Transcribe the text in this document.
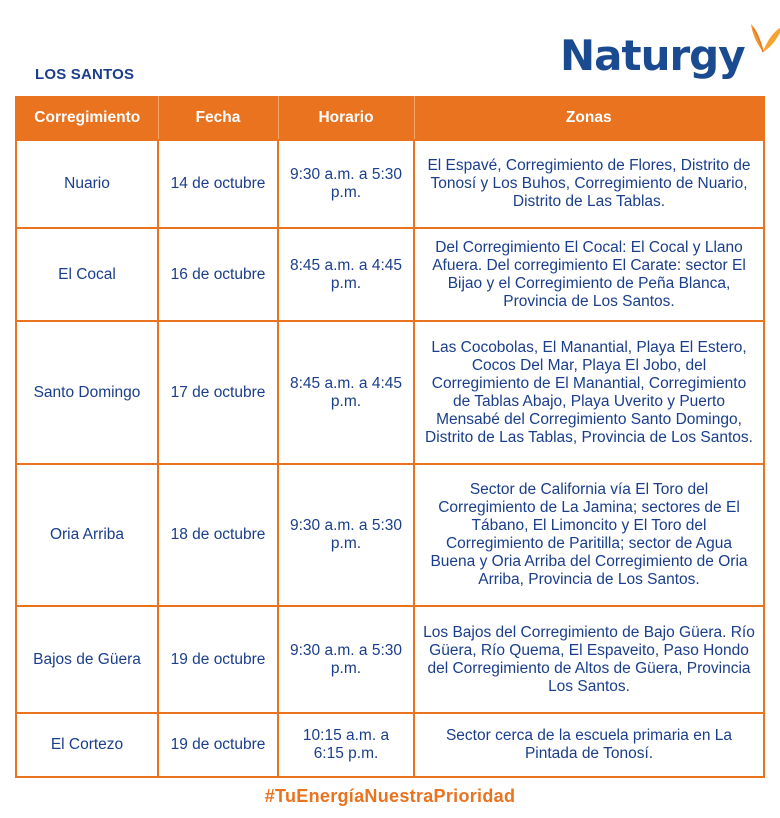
LOS SANTOS	Naturgy
Corregimiento	Fecha	Horario	Zonas
Nuario	14 de octubre	9:30 a.m. a 5:30 p.m.	El Espavé, Corregimiento de Flores, Distrito de Tonosí y Los Buhos, Corregimiento de Nuario, Distrito de Las Tablas.
El Cocal	16 de octubre	8:45 a.m. a 4:45 p.m.	Del Corregimiento El Cocal: El Cocal y Llano Afuera. Del corregimiento El Carate: sector El Bijao y el Corregimiento de Peña Blanca, Provincia de Los Santos.
Santo Domingo	17 de octubre	8:45 a.m. a 4:45 p.m.	Las Cocobolas, El Manantial, Playa El Estero, Cocos Del Mar, Playa El Jobo, del Corregimiento de El Manantial, Corregimiento de Tablas Abajo, Playa Uverito y Puerto Mensabé del Corregimiento Santo Domingo, Distrito de Las Tablas, Provincia de Los Santos.
Oria Arriba	18 de octubre	9:30 a.m. a 5:30 p.m.	Sector de California vía El Toro del Corregimiento de La Jamina; sectores de El Tábano, El Limoncito y El Toro del Corregimiento de Paritilla; sector de Agua Buena y Oria Arriba del Corregimiento de Oria Arriba, Provincia de Los Santos.
Bajos de Güera	19 de octubre	9:30 a.m. a 5:30 p.m.	Los Bajos del Corregimiento de Bajo Güera. Río Güera, Río Quema, El Espaveito, Paso Hondo del Corregimiento de Altos de Güera, Provincia Los Santos.
El Cortezo	19 de octubre	10:15 a.m. a 6:15 p.m.	Sector cerca de la escuela primaria en La Pintada de Tonosí.
#TuEnergíaNuestraPrioridad
